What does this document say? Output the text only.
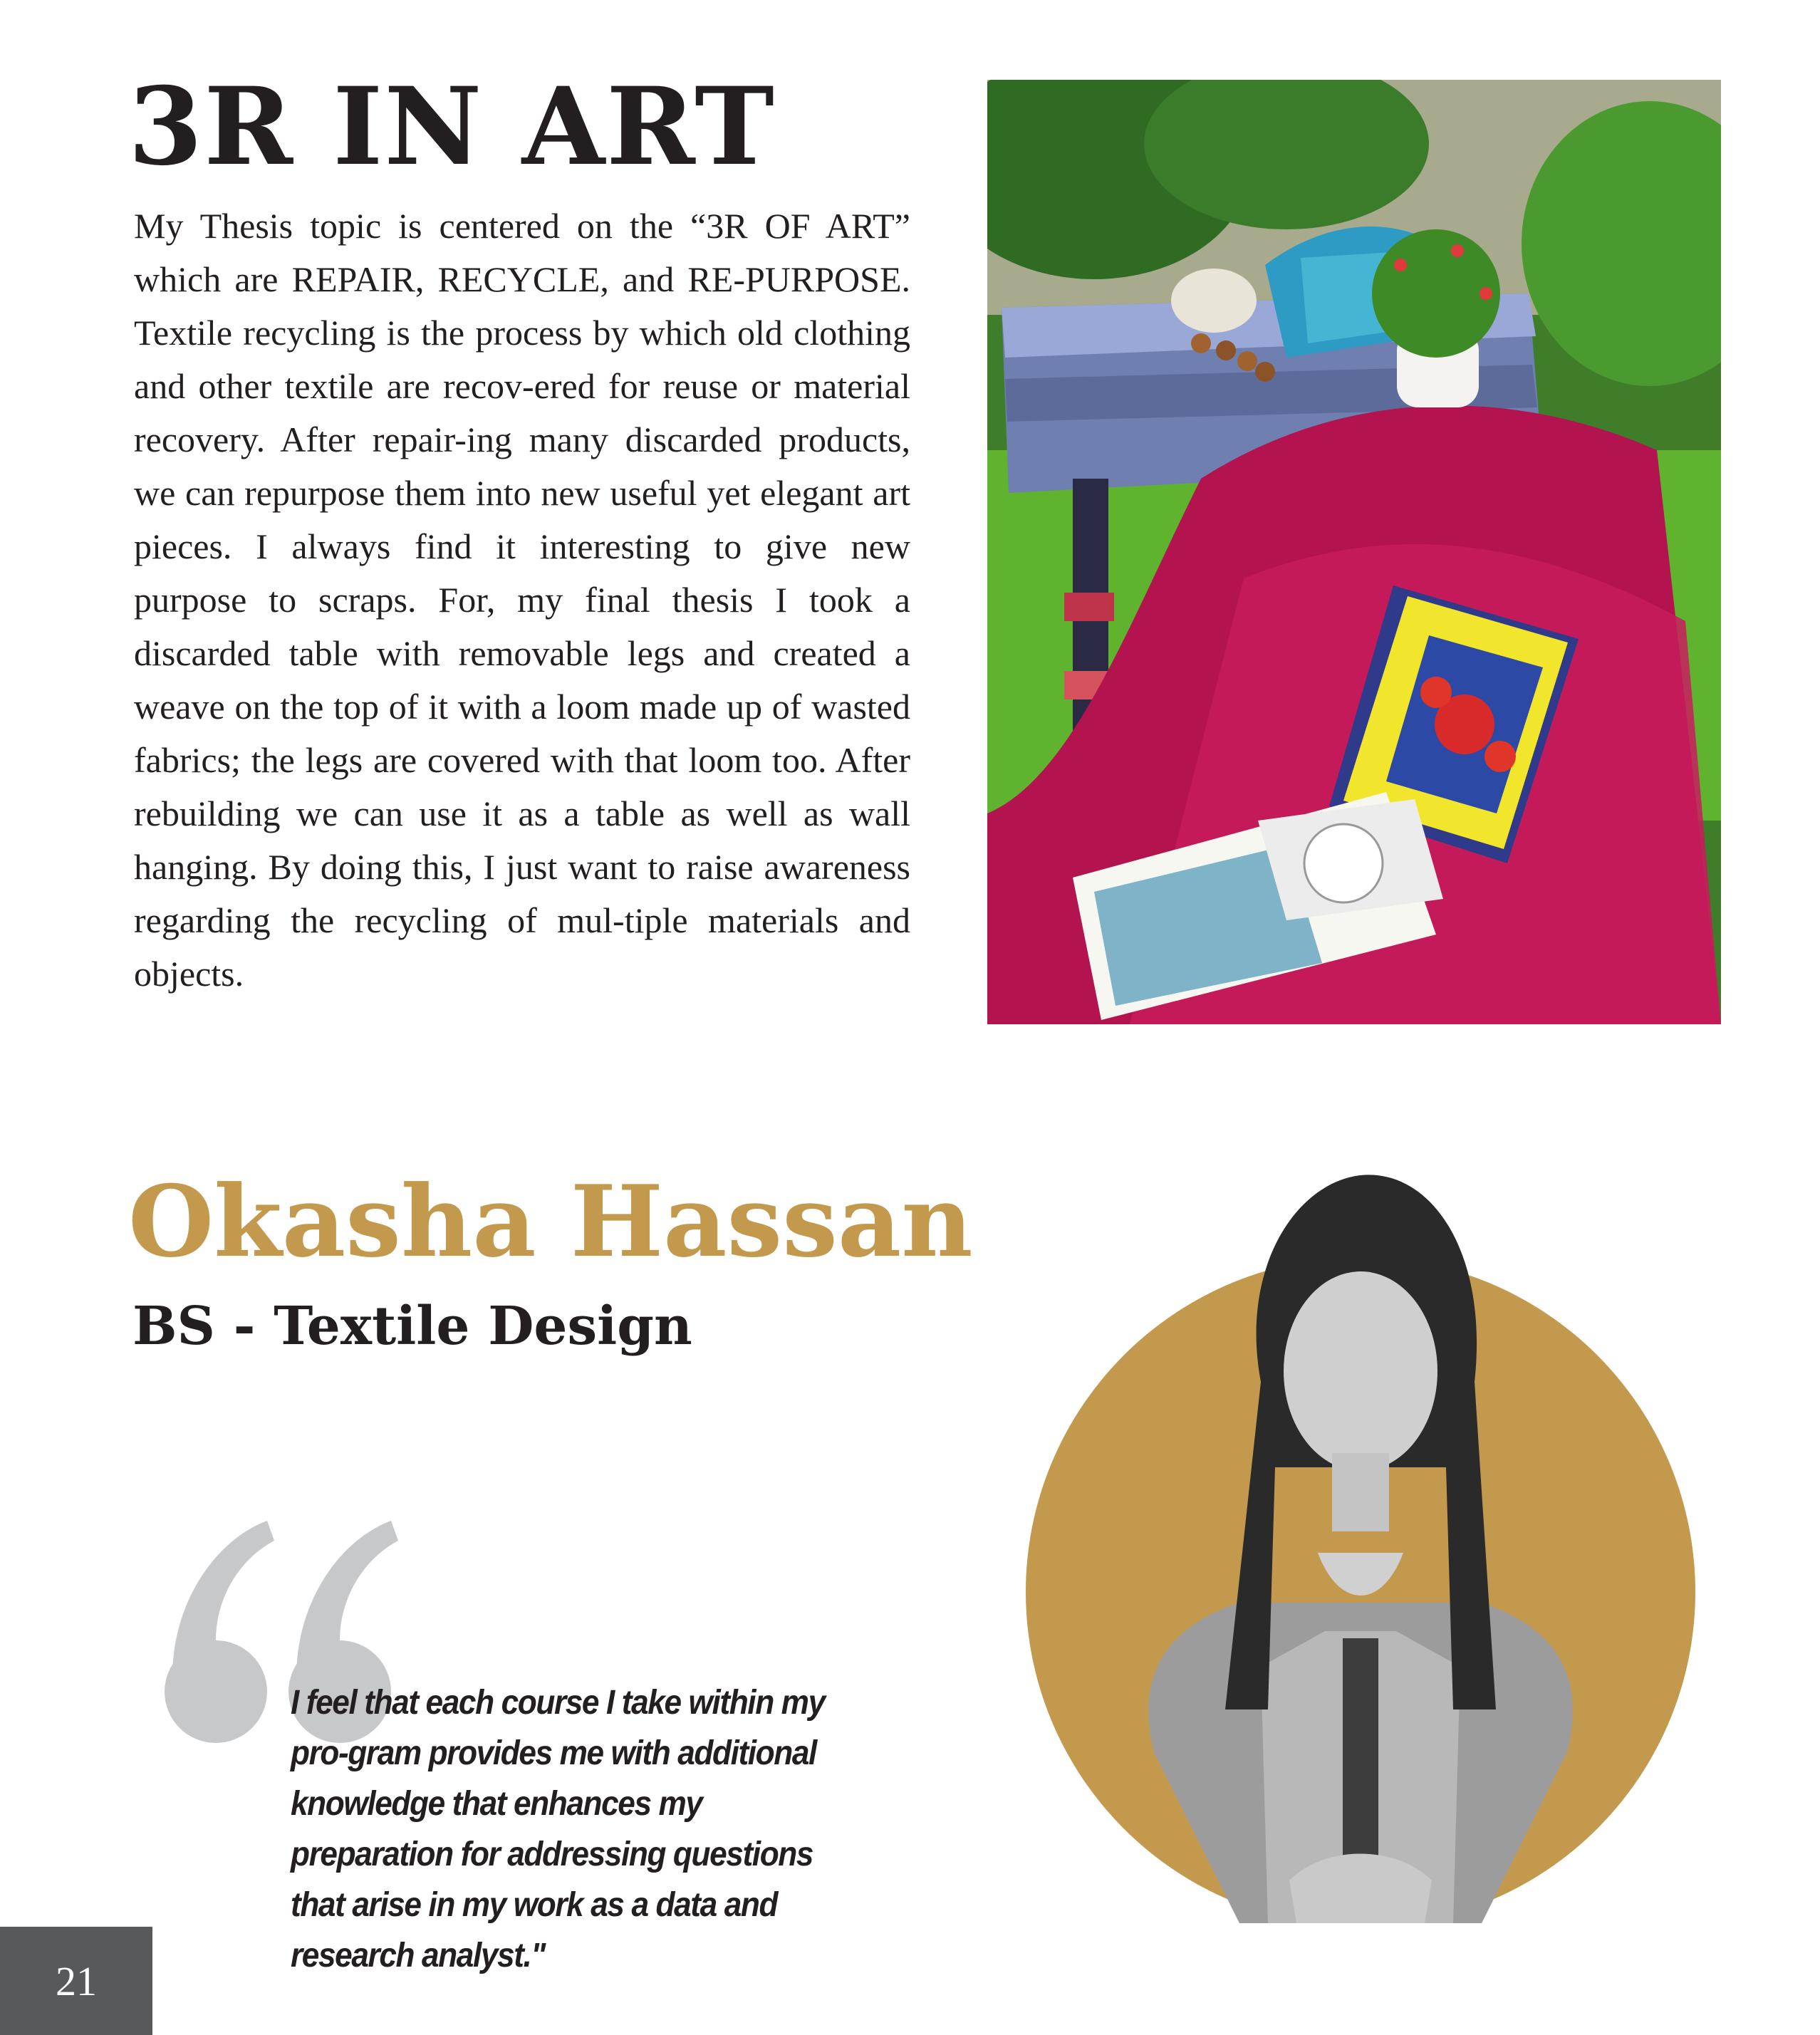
3R IN ART

My Thesis topic is centered on the “3R OF ART” which are REPAIR, RECYCLE, and RE-PURPOSE. Textile recycling is the process by which old clothing and other textile are recov-ered for reuse or material recovery. After repair-ing many discarded products, we can repurpose them into new useful yet elegant art pieces. I always find it interesting to give new purpose to scraps. For, my final thesis I took a discarded table with removable legs and created a weave on the top of it with a loom made up of wasted fabrics; the legs are covered with that loom too. After rebuilding we can use it as a table as well as wall hanging. By doing this, I just want to raise awareness regarding the recycling of mul-tiple materials and objects.

Okasha Hassan
BS - Textile Design

I feel that each course I take within my pro-gram provides me with additional knowledge that enhances my preparation for addressing questions that arise in my work as a data and research analyst."

21
